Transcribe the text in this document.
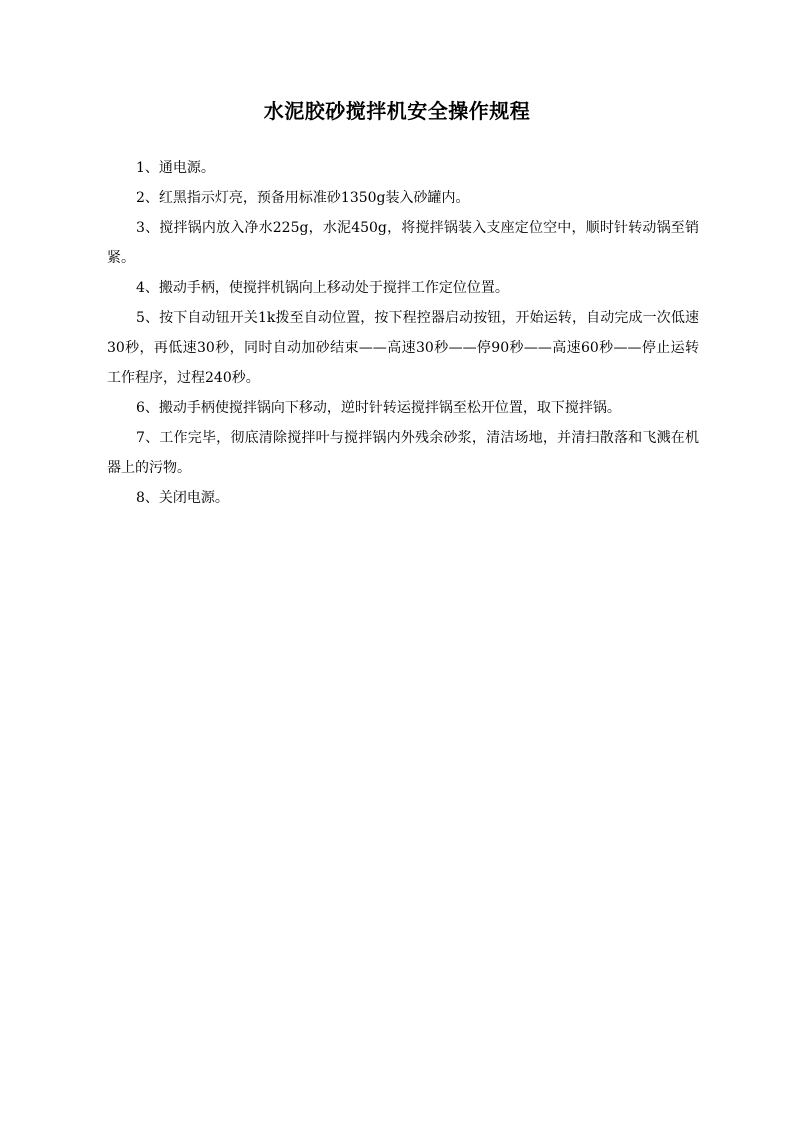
水泥胶砂搅拌机安全操作规程

1、通电源。

2、红黑指示灯亮，预备用标准砂1350g装入砂罐内。

3、搅拌锅内放入净水225g，水泥450g，将搅拌锅装入支座定位空中，顺时针转动锅至销紧。

4、搬动手柄，使搅拌机锅向上移动处于搅拌工作定位位置。

5、按下自动钮开关1k拨至自动位置，按下程控器启动按钮，开始运转，自动完成一次低速30秒，再低速30秒，同时自动加砂结束——高速30秒——停90秒——高速60秒——停止运转工作程序，过程240秒。

6、搬动手柄使搅拌锅向下移动，逆时针转运搅拌锅至松开位置，取下搅拌锅。

7、工作完毕，彻底清除搅拌叶与搅拌锅内外残余砂浆，清洁场地，并清扫散落和飞溅在机器上的污物。

8、关闭电源。
